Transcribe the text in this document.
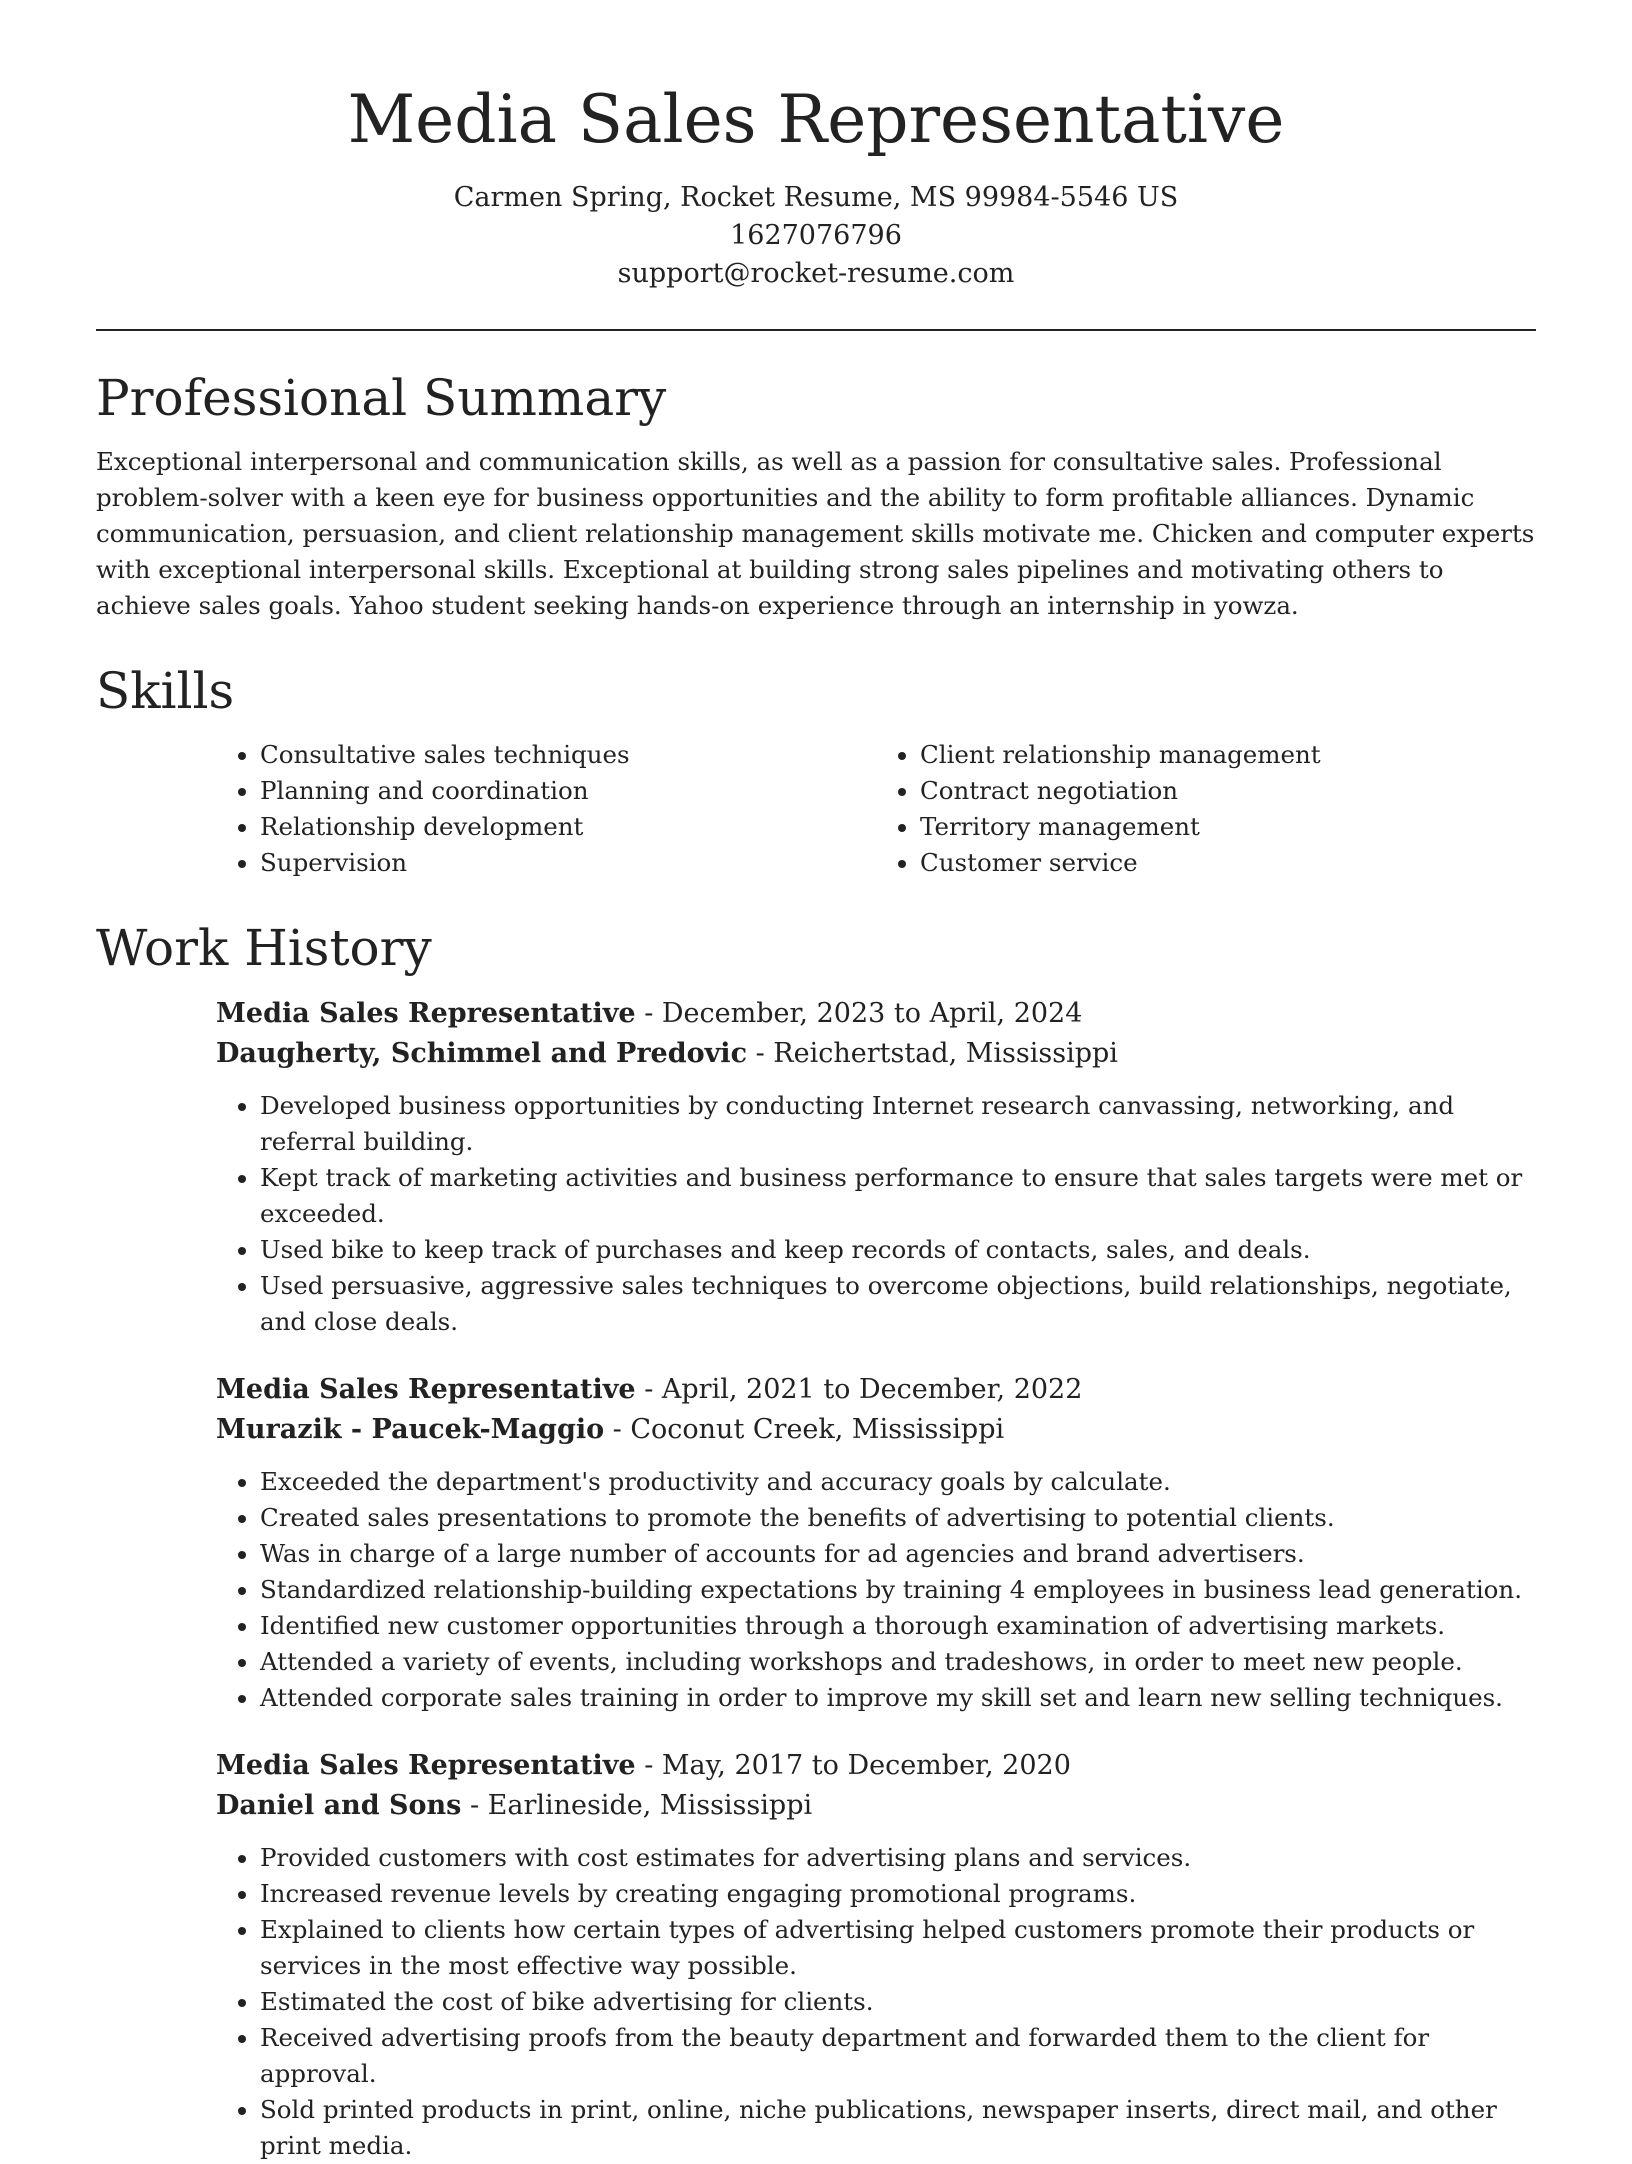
Media Sales Representative
Carmen Spring, Rocket Resume, MS 99984-5546 US
1627076796
support@rocket-resume.com
Professional Summary

Exceptional interpersonal and communication skills, as well as a passion for consultative sales. Professional problem-solver with a keen eye for business opportunities and the ability to form profitable alliances. Dynamic communication, persuasion, and client relationship management skills motivate me. Chicken and computer experts with exceptional interpersonal skills. Exceptional at building strong sales pipelines and motivating others to achieve sales goals. Yahoo student seeking hands-on experience through an internship in yowza.

Skills
• Consultative sales techniques
• Planning and coordination
• Relationship development
• Supervision
• Client relationship management
• Contract negotiation
• Territory management
• Customer service
Work History
Media Sales Representative - December, 2023 to April, 2024
Daugherty, Schimmel and Predovic - Reichertstad, Mississippi
• Developed business opportunities by conducting Internet research canvassing, networking, and referral building.
• Kept track of marketing activities and business performance to ensure that sales targets were met or exceeded.
• Used bike to keep track of purchases and keep records of contacts, sales, and deals.
• Used persuasive, aggressive sales techniques to overcome objections, build relationships, negotiate, and close deals.
Media Sales Representative - April, 2021 to December, 2022
Murazik - Paucek-Maggio - Coconut Creek, Mississippi
• Exceeded the department's productivity and accuracy goals by calculate.
• Created sales presentations to promote the benefits of advertising to potential clients.
• Was in charge of a large number of accounts for ad agencies and brand advertisers.
• Standardized relationship-building expectations by training 4 employees in business lead generation.
• Identified new customer opportunities through a thorough examination of advertising markets.
• Attended a variety of events, including workshops and tradeshows, in order to meet new people.
• Attended corporate sales training in order to improve my skill set and learn new selling techniques.
Media Sales Representative - May, 2017 to December, 2020
Daniel and Sons - Earlineside, Mississippi
• Provided customers with cost estimates for advertising plans and services.
• Increased revenue levels by creating engaging promotional programs.
• Explained to clients how certain types of advertising helped customers promote their products or services in the most effective way possible.
• Estimated the cost of bike advertising for clients.
• Received advertising proofs from the beauty department and forwarded them to the client for approval.
• Sold printed products in print, online, niche publications, newspaper inserts, direct mail, and other print media.
